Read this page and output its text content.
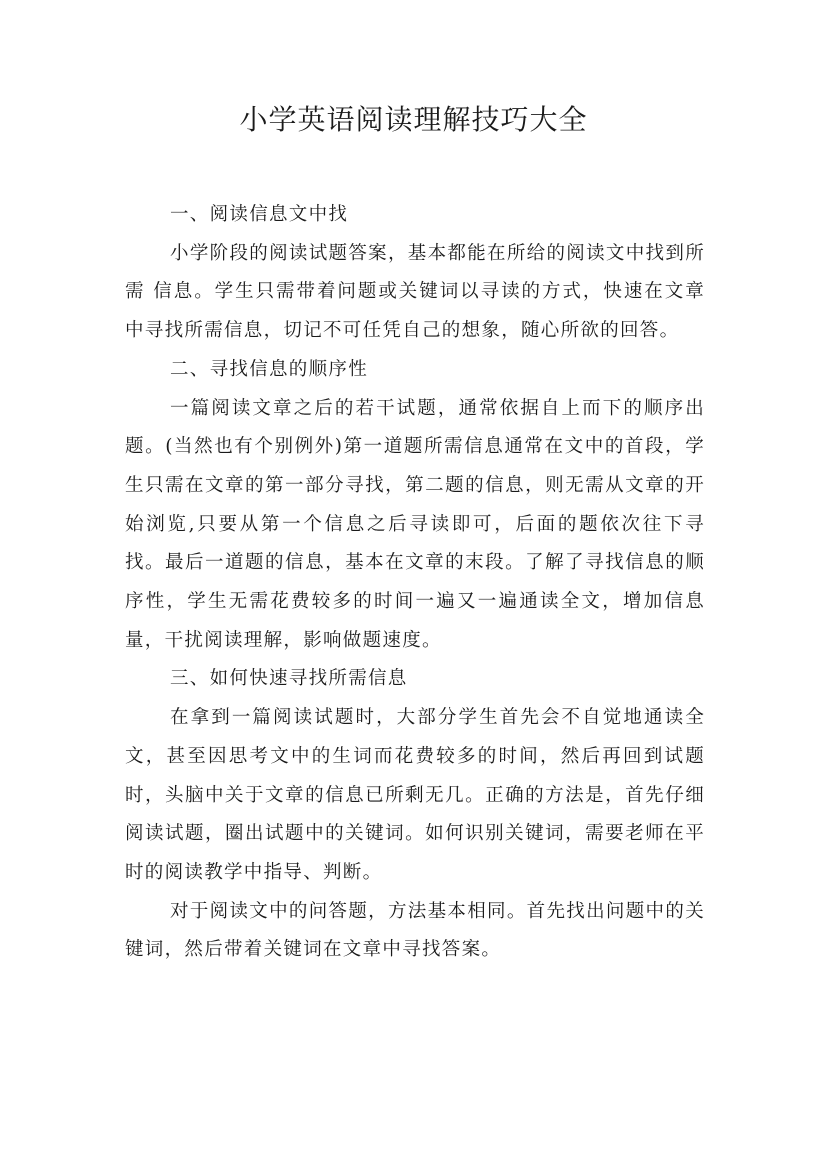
小学英语阅读理解技巧大全

一、阅读信息文中找

小学阶段的阅读试题答案，基本都能在所给的阅读文中找到所需 信息。学生只需带着问题或关键词以寻读的方式，快速在文章中寻找所需信息，切记不可任凭自己的想象，随心所欲的回答。

二、寻找信息的顺序性

一篇阅读文章之后的若干试题，通常依据自上而下的顺序出题。(当然也有个别例外)第一道题所需信息通常在文中的首段，学生只需在文章的第一部分寻找，第二题的信息，则无需从文章的开始浏览,只要从第一个信息之后寻读即可，后面的题依次往下寻找。最后一道题的信息，基本在文章的末段。了解了寻找信息的顺序性，学生无需花费较多的时间一遍又一遍通读全文，增加信息量，干扰阅读理解，影响做题速度。

三、如何快速寻找所需信息

在拿到一篇阅读试题时，大部分学生首先会不自觉地通读全文，甚至因思考文中的生词而花费较多的时间，然后再回到试题时，头脑中关于文章的信息已所剩无几。正确的方法是，首先仔细阅读试题，圈出试题中的关键词。如何识别关键词，需要老师在平时的阅读教学中指导、判断。

对于阅读文中的问答题，方法基本相同。首先找出问题中的关键词，然后带着关键词在文章中寻找答案。
